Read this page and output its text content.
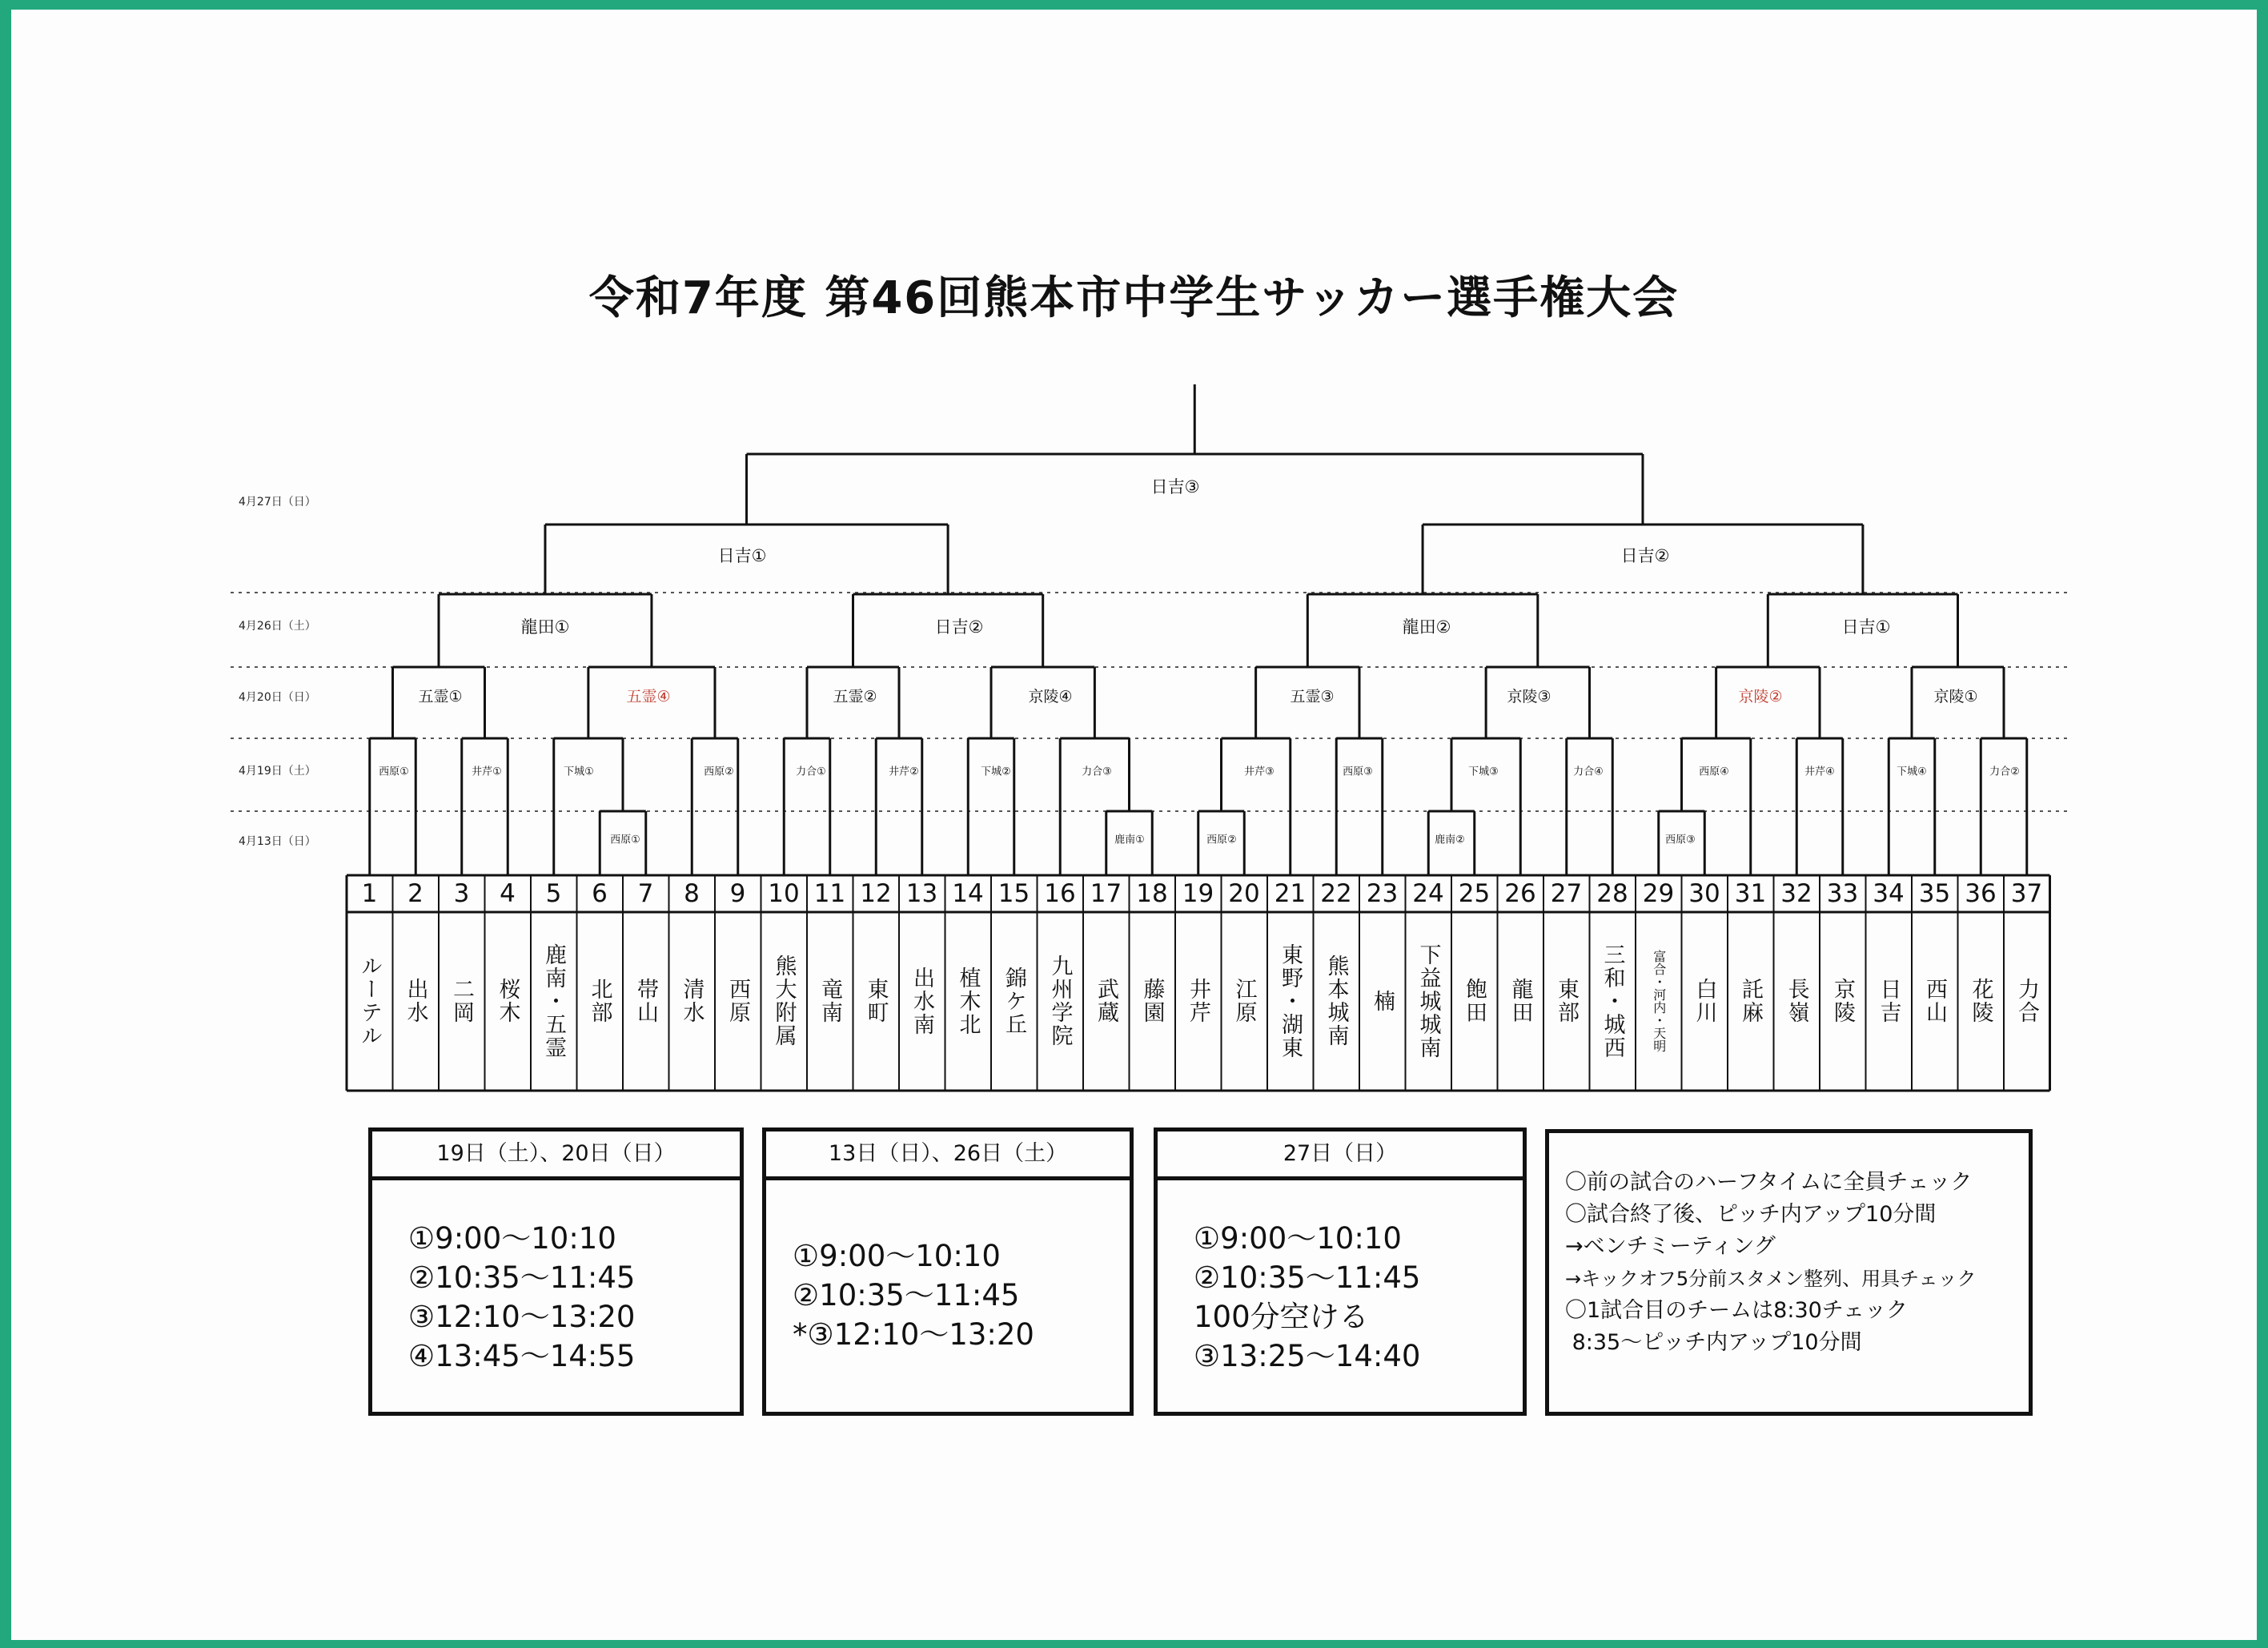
令和7年度 第46回熊本市中学生サッカー選手権大会
4月27日（日）
4月26日（土）
4月20日（日）
4月19日（土）
4月13日（日）
日吉③
日吉①	日吉②
龍田①	日吉②	龍田②	日吉①
五霊①	五霊④	五霊②	京陵④	五霊③	京陵③	京陵②	京陵①
西原①	井芹①	下城①	西原②	力合①	井芹②	下城②	力合③	井芹③	西原③	下城③	力合④	西原④	井芹④	下城④	力合②
西原①	鹿南①	西原②	鹿南②	西原③
1
ルーテル
2
出水
3
二岡
4
桜木
5
鹿南・五霊
6
北部
7
帯山
8
清水
9
西原
10
熊大附属
11
竜南
12
東町
13
出水南
14
植木北
15
錦ケ丘
16
九州学院
17
武蔵
18
藤園
19
井芹
20
江原
21
東野・湖東
22
熊本城南
23
楠
24
下益城城南
25
飽田
26
龍田
27
東部
28
三和・城西
29
富合・河内・天明
30
白川
31
託麻
32
長嶺
33
京陵
34
日吉
35
西山
36
花陵
37
力合
19日（土）、20日（日）
①9:00〜10:10
②10:35〜11:45
③12:10〜13:20
④13:45〜14:55
13日（日）、26日（土）
①9:00〜10:10
②10:35〜11:45
*③12:10〜13:20
27日（日）
①9:00〜10:10
②10:35〜11:45
100分空ける
③13:25〜14:40
〇前の試合のハーフタイムに全員チェック
〇試合終了後、ピッチ内アップ10分間
→ベンチミーティング
→キックオフ5分前スタメン整列、用具チェック
〇1試合目のチームは8:30チェック
8:35〜ピッチ内アップ10分間
